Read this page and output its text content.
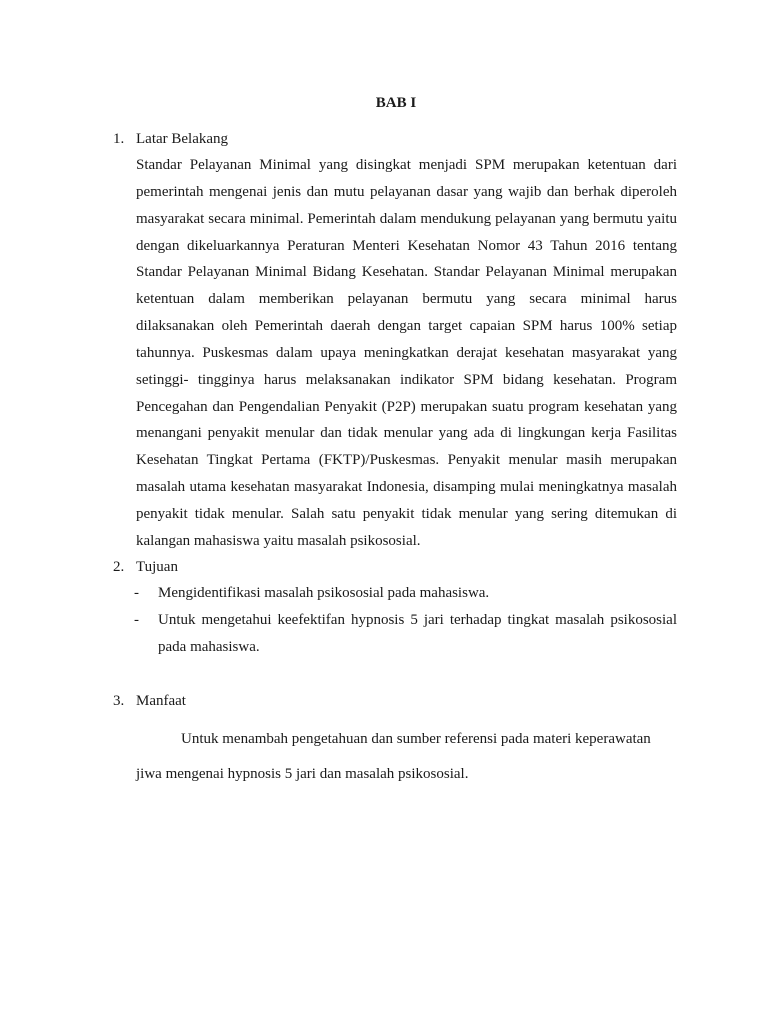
BAB I
1. Latar Belakang
Standar Pelayanan Minimal yang disingkat menjadi SPM merupakan ketentuan dari pemerintah mengenai jenis dan mutu pelayanan dasar yang wajib dan berhak diperoleh masyarakat secara minimal. Pemerintah dalam mendukung pelayanan yang bermutu yaitu dengan dikeluarkannya Peraturan Menteri Kesehatan Nomor 43 Tahun 2016 tentang Standar Pelayanan Minimal Bidang Kesehatan. Standar Pelayanan Minimal merupakan ketentuan dalam memberikan pelayanan bermutu yang secara minimal harus dilaksanakan oleh Pemerintah daerah dengan target capaian SPM harus 100% setiap tahunnya. Puskesmas dalam upaya meningkatkan derajat kesehatan masyarakat yang setinggi- tingginya harus melaksanakan indikator SPM bidang kesehatan. Program Pencegahan dan Pengendalian Penyakit (P2P) merupakan suatu program kesehatan yang menangani penyakit menular dan tidak menular yang ada di lingkungan kerja Fasilitas Kesehatan Tingkat Pertama (FKTP)/Puskesmas. Penyakit menular masih merupakan masalah utama kesehatan masyarakat Indonesia, disamping mulai meningkatnya masalah penyakit tidak menular. Salah satu penyakit tidak menular yang sering ditemukan di kalangan mahasiswa yaitu masalah psikososial.
2. Tujuan
- Mengidentifikasi masalah psikososial pada mahasiswa.
- Untuk mengetahui keefektifan hypnosis 5 jari terhadap tingkat masalah psikososial pada mahasiswa.
3. Manfaat
Untuk menambah pengetahuan dan sumber referensi pada materi keperawatan
jiwa mengenai hypnosis 5 jari dan masalah psikososial.
